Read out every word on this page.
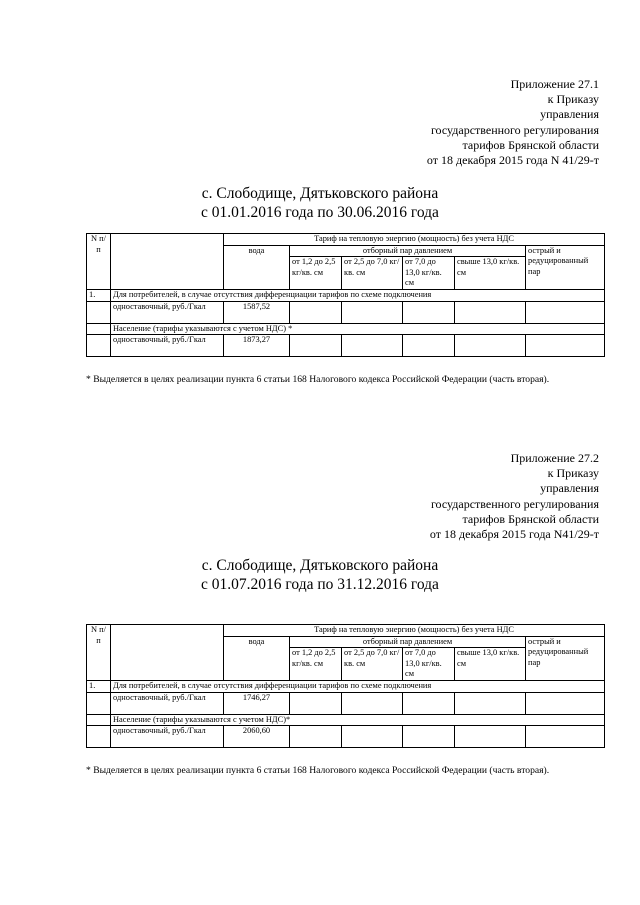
Приложение 27.1
к Приказу
управления
государственного регулирования
тарифов Брянской области
от 18 декабря 2015 года N 41/29-т
с. Слободище, Дятьковского района
с 01.01.2016 года по 30.06.2016 года
N п/п		Тариф на тепловую энергию (мощность) без учета НДС					
		вода	отборный пар давлением				острый и редуцированный пар
			от 1,2 до 2,5 кг/кв. см	от 2,5 до 7,0 кг/кв. см	от 7,0 до 13,0 кг/кв. см	свыше 13,0 кг/кв. см	
1.	Для потребителей, в случае отсутствия дифференциации тарифов по схеме подключения						
	одноставочный, руб./Гкал	1587,52					
	Население (тарифы указываются с учетом НДС) *						
	одноставочный, руб./Гкал	1873,27					
* Выделяется в целях реализации пункта 6 статьи 168 Налогового кодекса Российской Федерации (часть вторая).
Приложение 27.2
к Приказу
управления
государственного регулирования
тарифов Брянской области
от 18 декабря 2015 года N41/29-т
с. Слободище, Дятьковского района
с 01.07.2016 года по 31.12.2016 года
N п/п		Тариф на тепловую энергию (мощность) без учета НДС					
		вода	отборный пар давлением				острый и редуцированный пар
			от 1,2 до 2,5 кг/кв. см	от 2,5 до 7,0 кг/кв. см	от 7,0 до 13,0 кг/кв. см	свыше 13,0 кг/кв. см	
1.	Для потребителей, в случае отсутствия дифференциации тарифов по схеме подключения						
	одноставочный, руб./Гкал	1746,27					
	Население (тарифы указываются с учетом НДС)*						
	одноставочный, руб./Гкал	2060,60					
* Выделяется в целях реализации пункта 6 статьи 168 Налогового кодекса Российской Федерации (часть вторая).
